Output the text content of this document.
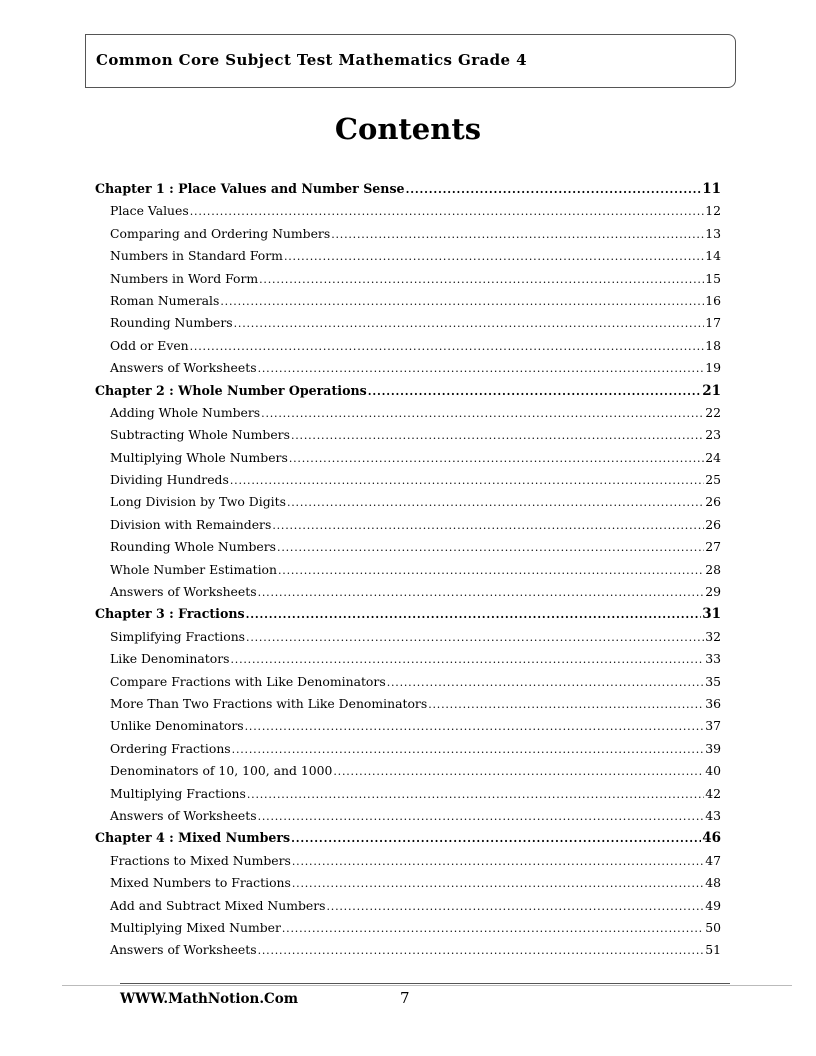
Common Core Subject Test Mathematics Grade 4
Contents
Chapter 1 : Place Values and Number Sense .....	11
Place Values .....	12
Comparing and Ordering Numbers .....	13
Numbers in Standard Form .....	14
Numbers in Word Form .....	15
Roman Numerals .....	16
Rounding Numbers .....	17
Odd or Even .....	18
Answers of Worksheets .....	19
Chapter 2 : Whole Number Operations .....	21
Adding Whole Numbers .....	22
Subtracting Whole Numbers .....	23
Multiplying Whole Numbers .....	24
Dividing Hundreds .....	25
Long Division by Two Digits .....	26
Division with Remainders .....	26
Rounding Whole Numbers .....	27
Whole Number Estimation .....	28
Answers of Worksheets .....	29
Chapter 3 : Fractions .....	31
Simplifying Fractions .....	32
Like Denominators .....	33
Compare Fractions with Like Denominators .....	35
More Than Two Fractions with Like Denominators .....	36
Unlike Denominators .....	37
Ordering Fractions .....	39
Denominators of 10, 100, and 1000 .....	40
Multiplying Fractions .....	42
Answers of Worksheets .....	43
Chapter 4 : Mixed Numbers .....	46
Fractions to Mixed Numbers .....	47
Mixed Numbers to Fractions .....	48
Add and Subtract Mixed Numbers .....	49
Multiplying Mixed Number .....	50
Answers of Worksheets .....	51
WWW.MathNotion.Com	7
